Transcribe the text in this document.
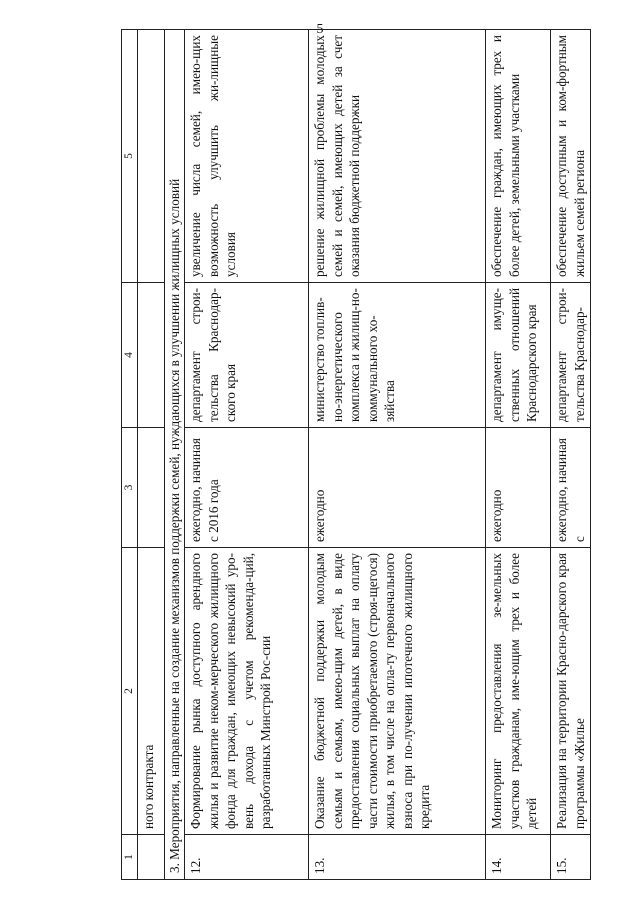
5
1	2	3	4	5
	ного контракта			
3. Мероприятия, направленные на создание механизмов поддержки семей, нуждающихся в улучшении жилищных условий				
12.	Формирование рынка доступного арендного жилья и развитие неком-мерческого жилищного фонда для граждан, имеющих невысокий уро-вень дохода с учетом рекоменда-ций, разработанных Минстрой Рос-сии	ежегодно, начиная с 2016 года	департамент строи-тельства Краснодар-ского края	увеличение числа семей, имею-щих возможность улучшить жи-лищные условия
13.	Оказание бюджетной поддержки молодым семьям и семьям, имею-щим детей, в виде предоставления социальных выплат на оплату части стоимости приобретаемого (строя-щегося) жилья, в том числе на опла-ту первоначального взноса при по-лучении ипотечного жилищного кредита	ежегодно	министерство топлив-но-энергетического комплекса и жилищ-но-коммунального хо-зяйства	решение жилищной проблемы молодых семей и семей, имеющих детей за счет оказания бюджетной поддержки
14.	Мониторинг предоставления зе-мельных участков гражданам, име-ющим трех и более детей	ежегодно	департамент имуще-ственных отношений Краснодарского края	обеспечение граждан, имеющих трех и более детей, земельными участками
15.	Реализация на территории Красно-дарского края программы «Жилье	ежегодно, начиная с	департамент строи-тельства Краснодар-	обеспечение доступным и ком-фортным жильем семей региона
